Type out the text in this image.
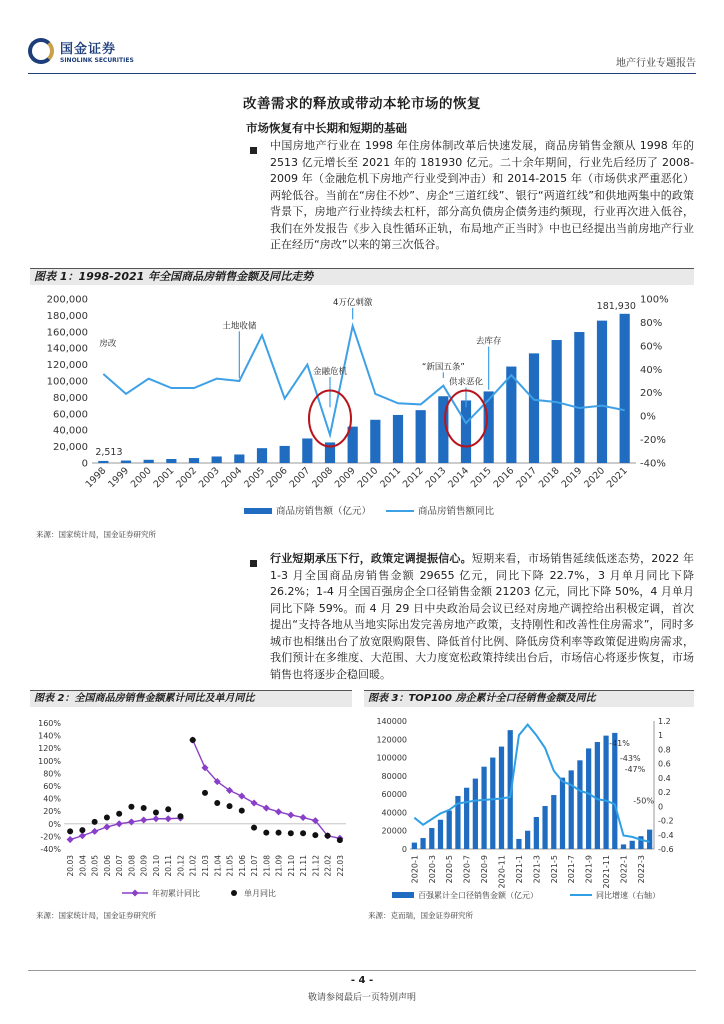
国金证券
SINOLINK SECURITIES	地产行业专题报告
改善需求的释放或带动本轮市场的恢复
市场恢复有中长期和短期的基础
中国房地产行业在 1998 年住房体制改革后快速发展，商品房销售金额从 1998 年的 2513 亿元增长至 2021 年的 181930 亿元。二十余年期间，行业先后经历了 2008-2009 年（金融危机下房地产行业受到冲击）和 2014-2015 年（市场供求严重恶化）两轮低谷。当前在“房住不炒”、房企“三道红线”、银行“两道红线”和供地两集中的政策背景下，房地产行业持续去杠杆，部分高负债房企债务违约频现，行业再次进入低谷，我们在外发报告《步入良性循环正轨，布局地产正当时》中也已经提出当前房地产行业正在经历“房改”以来的第三次低谷。
图表 1：1998-2021 年全国商品房销售金额及同比走势
200,000
180,000
160,000
140,000
120,000
100,000
80,000
60,000
40,000
20,000
0
100%
80%
60%
40%
20%
0%
-20%
-40%
1998
1999
2000
2001
2002
2003
2004
2005
2006
2007
2008
2009
2010
2011
2012
2013
2014
2015
2016
2017
2018
2019
2020
2021
2,513
181,930
房改
土地收储
金融危机
4万亿刺激
“新国五条”
供求恶化
去库存
商品房销售额（亿元）	商品房销售额同比
来源：国家统计局，国金证券研究所
行业短期承压下行，政策定调提振信心。短期来看，市场销售延续低迷态势，2022 年 1-3 月全国商品房销售金额 29655 亿元，同比下降 22.7%，3 月单月同比下降 26.2%；1-4 月全国百强房企全口径销售金额 21203 亿元，同比下降 50%，4 月单月同比下降 59%。而 4 月 29 日中央政治局会议已经对房地产调控给出积极定调，首次提出“支持各地从当地实际出发完善房地产政策，支持刚性和改善性住房需求”，同时多城市也相继出台了放宽限购限售、降低首付比例、降低房贷利率等政策促进购房需求，我们预计在多维度、大范围、大力度宽松政策持续出台后，市场信心将逐步恢复，市场销售也将逐步企稳回暖。
图表 2：全国商品房销售金额累计同比及单月同比
160%
140%
120%
100%
80%
60%
40%
20%
0%
-20%
-40%
20.03 20.04 20.05 20.06 20.07 20.08 20.09 20.10 20.11 20.12 21.02 21.03 21.04 21.05 21.06 21.07 21.08 21.09 21.10 21.11 21.12 22.02 22.03
年初累计同比	单月同比
来源：国家统计局，国金证券研究所
图表 3：TOP100 房企累计全口径销售金额及同比
140000
120000
100000
80000
60000
40000
20000
0
1.2
1
0.8
0.6
0.4
0.2
0
-0.2
-0.4
-0.6
-41%
-43%
-47%
-50%
2020-1 2020-3 2020-5 2020-7 2020-9 2020-11 2021-1 2021-3 2021-5 2021-7 2021-9 2021-11 2022-1 2022-3
百强累计全口径销售金额（亿元）	同比增速（右轴）
来源：克而瑞，国金证券研究所
- 4 -
敬请参阅最后一页特别声明
